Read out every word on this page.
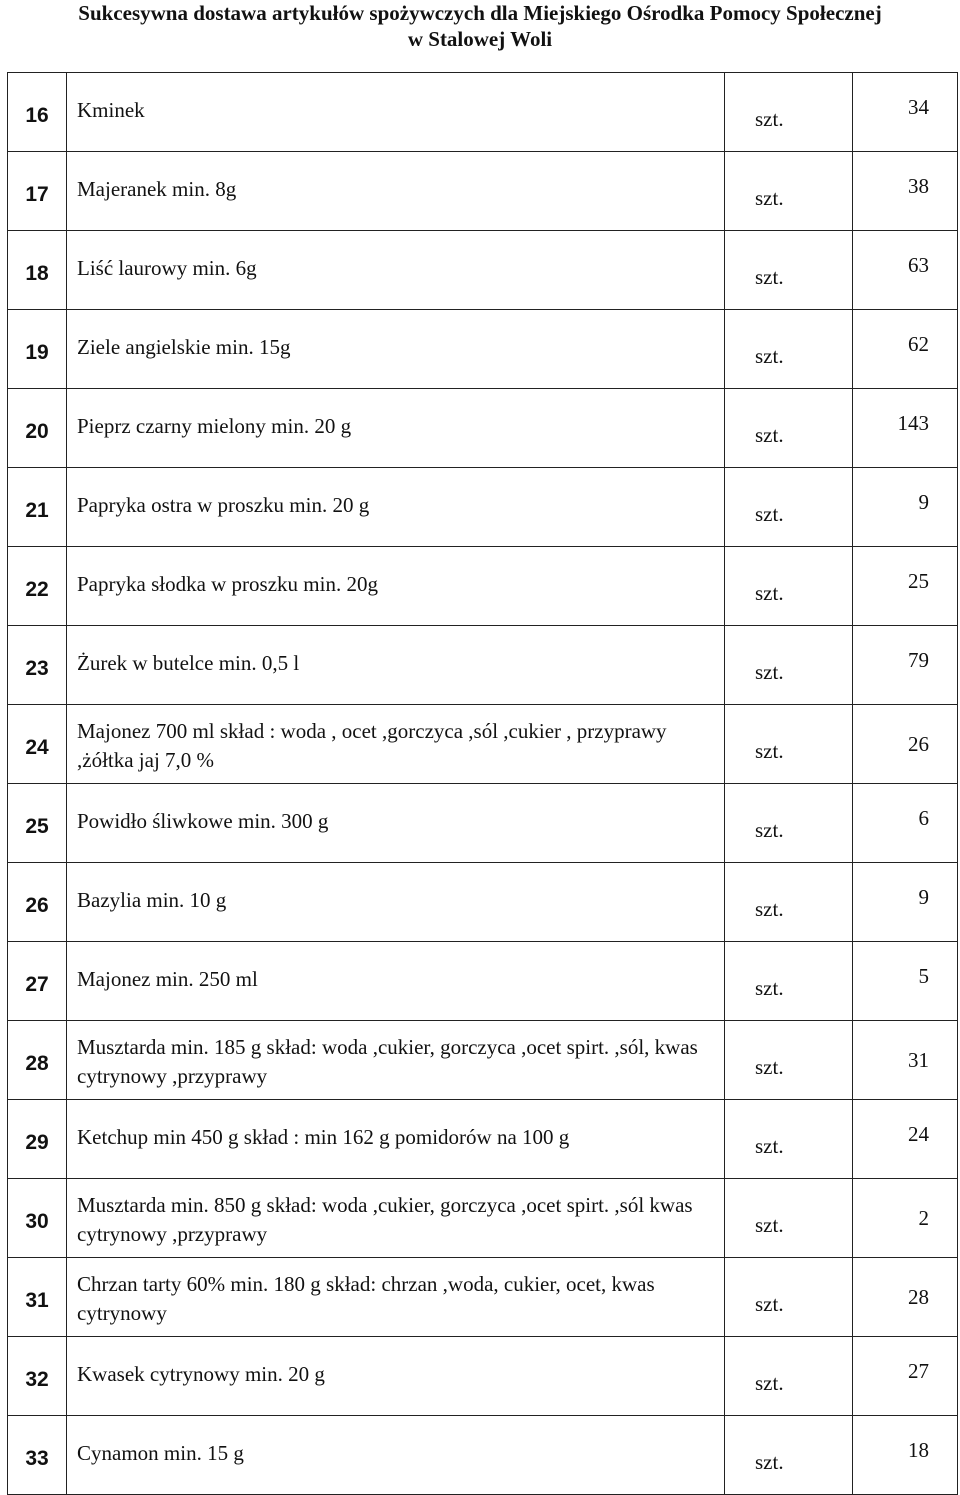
Sukcesywna dostawa artykułów spożywczych dla Miejskiego Ośrodka Pomocy Społecznej
w Stalowej Woli
16	Kminek	szt.	34
17	Majeranek min. 8g	szt.	38
18	Liść laurowy min. 6g	szt.	63
19	Ziele angielskie min. 15g	szt.	62
20	Pieprz czarny mielony min. 20 g	szt.	143
21	Papryka ostra w proszku min. 20 g	szt.	9
22	Papryka słodka w proszku min. 20g	szt.	25
23	Żurek w butelce min. 0,5 l	szt.	79
24	Majonez 700 ml skład : woda , ocet ,gorczyca ,sól ,cukier , przyprawy ,żółtka jaj 7,0 %	szt.	26
25	Powidło śliwkowe min. 300 g	szt.	6
26	Bazylia min. 10 g	szt.	9
27	Majonez min. 250 ml	szt.	5
28	Musztarda min. 185 g skład: woda ,cukier, gorczyca ,ocet spirt. ,sól, kwas cytrynowy ,przyprawy	szt.	31
29	Ketchup min 450 g skład : min 162 g pomidorów na 100 g	szt.	24
30	Musztarda min. 850 g skład: woda ,cukier, gorczyca ,ocet spirt. ,sól kwas cytrynowy ,przyprawy	szt.	2
31	Chrzan tarty 60% min. 180 g skład: chrzan ,woda, cukier, ocet, kwas cytrynowy	szt.	28
32	Kwasek cytrynowy min. 20 g	szt.	27
33	Cynamon min. 15 g	szt.	18
